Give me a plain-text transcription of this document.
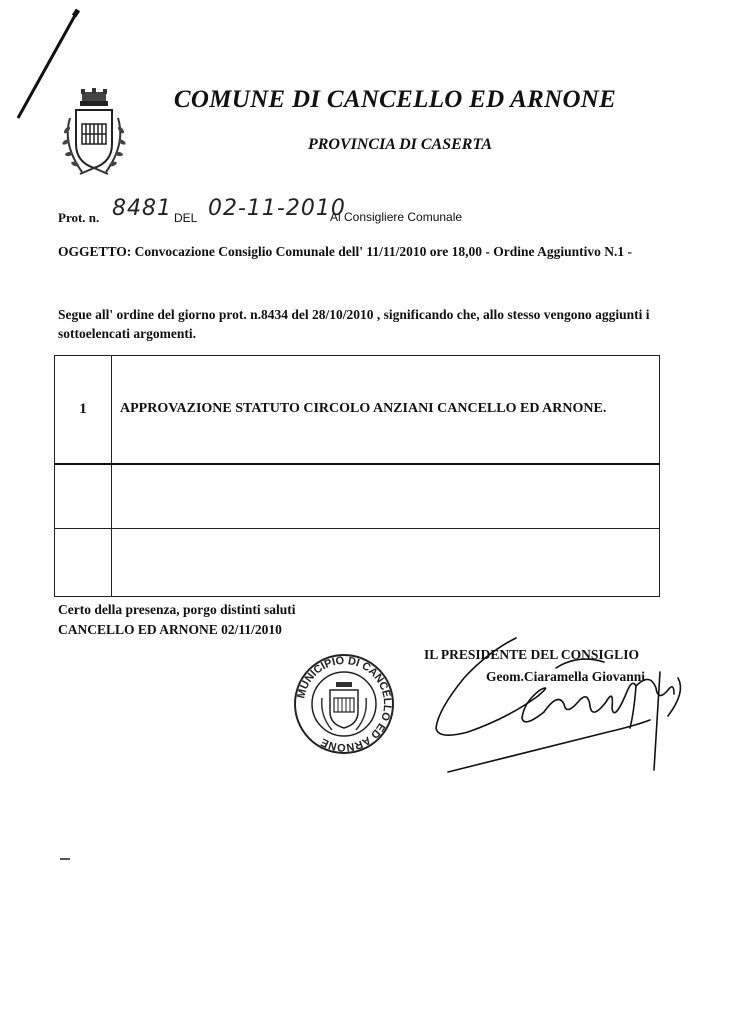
COMUNE DI CANCELLO ED ARNONE
PROVINCIA DI CASERTA
Prot. n. 8481 DEL 02-11-2010
Al Consigliere Comunale
OGGETTO: Convocazione Consiglio Comunale dell' 11/11/2010 ore 18,00 - Ordine Aggiuntivo N.1 -
Segue all' ordine del giorno prot. n.8434 del 28/10/2010 , significando che, allo stesso vengono aggiunti i sottoelencati argomenti.
1	APPROVAZIONE STATUTO CIRCOLO ANZIANI CANCELLO ED ARNONE.

Certo della presenza, porgo distinti saluti
CANCELLO ED ARNONE 02/11/2010
IL PRESIDENTE DEL CONSIGLIO
Geom.Ciaramella Giovanni
MUNICIPIO DI CANCELLO ED ARNONE
